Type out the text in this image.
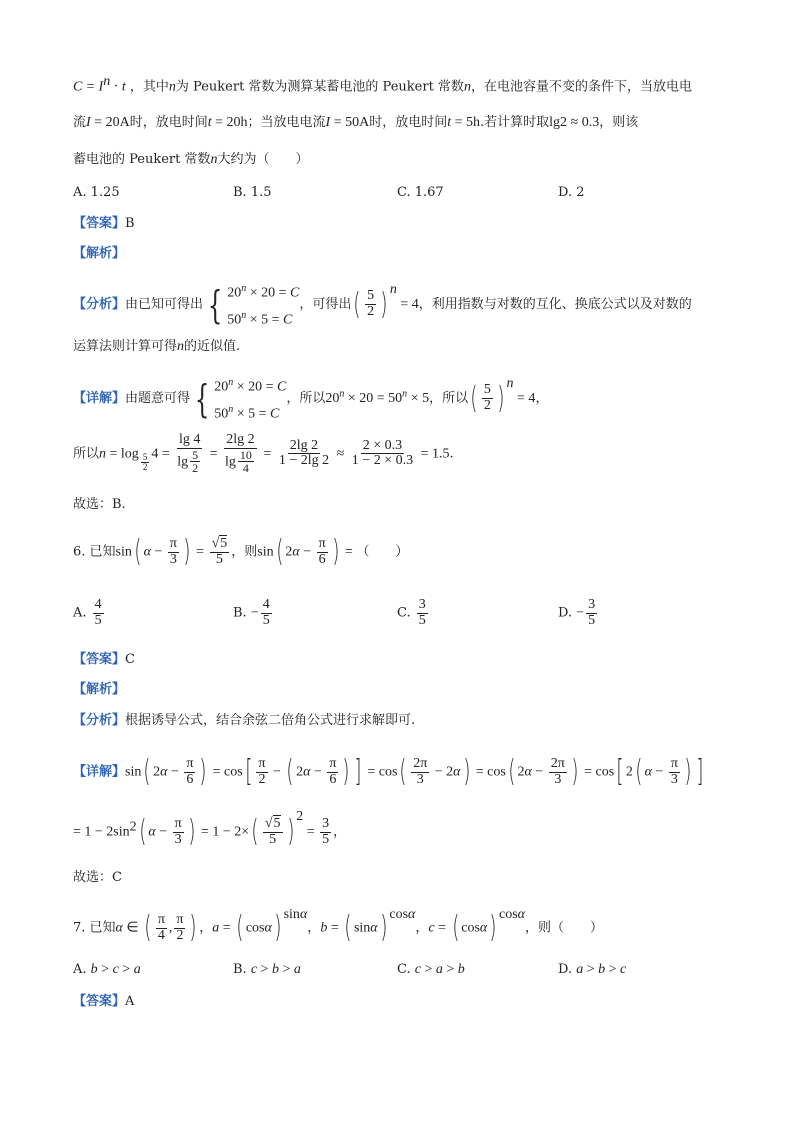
$C = I^n \cdot t$ ，其中n为 Peukert 常数为测算某蓄电池的 Peukert 常数n，在电池容量不变的条件下，当放电电
流I = 20A时，放电时间t = 20h；当放电电流I = 50A时，放电时间t = 5h.若计算时取lg2 ≈ 0.3，则该
蓄电池的 Peukert 常数n大约为（　　）
A. 1.25	B. 1.5	C. 1.67	D. 2
【答案】B
【解析】
【分析】由已知可得出 { $20^n \times 20 = C$
$50^n \times 5 = C$
，可得出( $\frac{5}{2}$ ) $^n$ = 4，利用指数与对数的互化、换底公式以及对数的
运算法则计算可得n的近似值.
【详解】由题意可得 { $20^n \times 20 = C$
$50^n \times 5 = C$
，所以$20^n \times 20 = 50^n \times 5$，所以( $\frac{5}{2}$ ) $^n$ = 4，
所以n = log $_{\frac{5}{2}}$ $4 = \frac{\lg 4}{\lg \frac{5}{2}} = \frac{2\lg 2}{\lg \frac{10}{4}} = \frac{2\lg 2}{1 - 2\lg 2} \approx \frac{2 \times 0.3}{1 - 2 \times 0.3} = 1.5$.
故选：B.
6. 已知sin( $\alpha - \frac{\pi}{3}$ ) = $\frac{√5}{5}$ ，则sin( $2\alpha - \frac{\pi}{6}$ ) = （　　）
A. $\frac{4}{5}$	B. − $\frac{4}{5}$	C. $\frac{3}{5}$	D. − $\frac{3}{5}$
【答案】C
【解析】
【分析】根据诱导公式，结合余弦二倍角公式进行求解即可.
【详解】sin( $2\alpha - \frac{\pi}{6}$ ) = $\cos[ \frac{\pi}{2}$ − ( $2\alpha - \frac{\pi}{6}$ ) ] = $\cos( \frac{2\pi}{3} - 2\alpha) = \cos$( $2\alpha - \frac{2\pi}{3}$ ) = cos[ 2( $\alpha - \frac{\pi}{3}$ ) ]
= $1 - 2\sin^2$( $\alpha - \frac{\pi}{3}$ ) = $1 - 2\times( \frac{√5}{5}$ ) $^2 = \frac{3}{5}$ ，
故选：C
7. 已知α ∈ ( $\frac{\pi}{4}$ , $\frac{\pi}{2}$ ) ，a = ( cosα) $^{sin\alpha}$，b = ( sinα) $^{cos\alpha}$，c = ( cosα) $^{cos\alpha}$，则（　　）
A. b > c > a	B. c > b > a	C. c > a > b	D. a > b > c
【答案】A
